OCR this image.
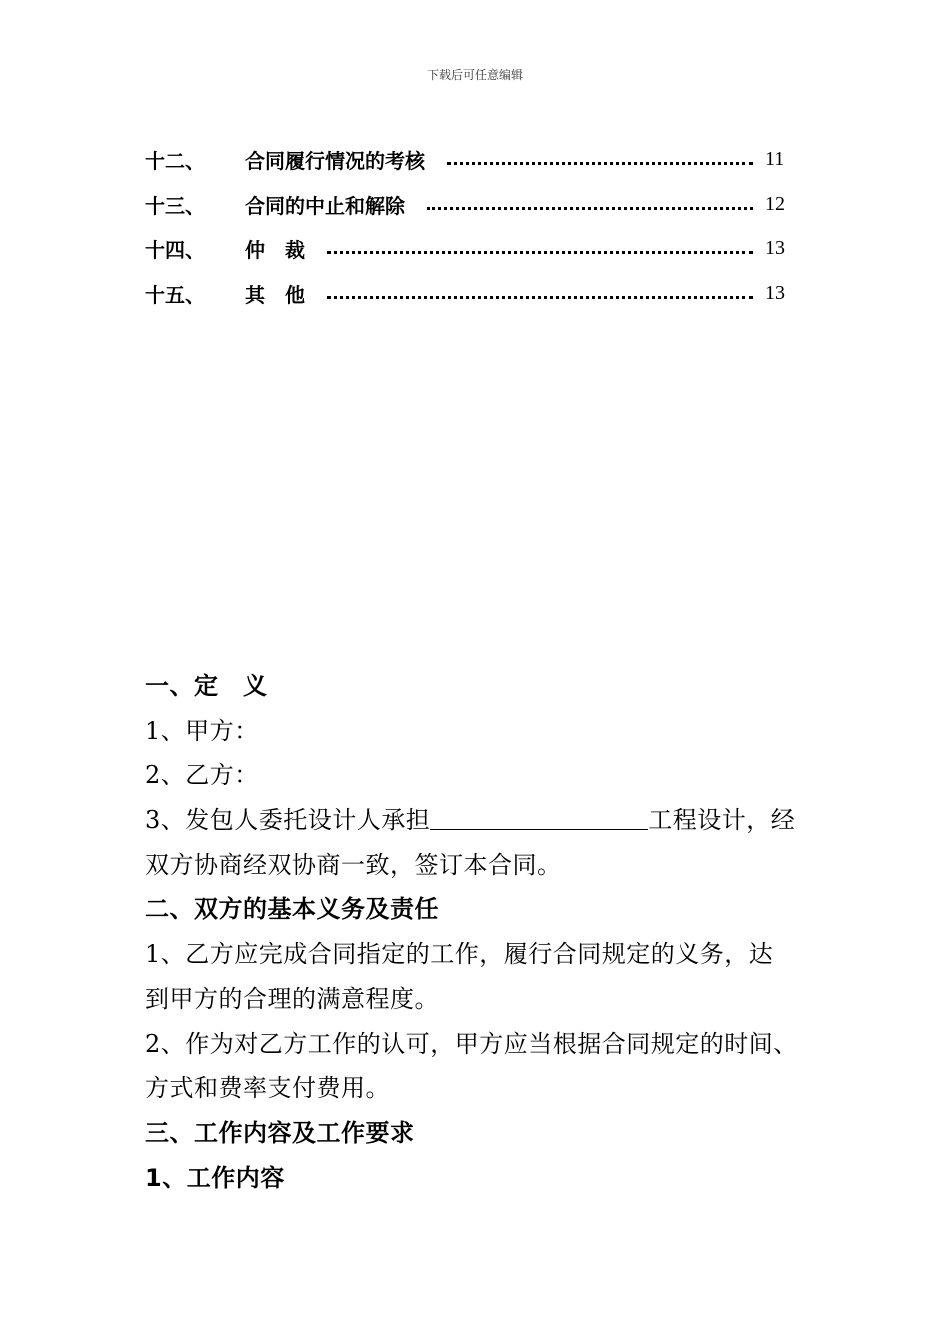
下载后可任意编辑
十二、	合同履行情况的考核	11
十三、	合同的中止和解除	12
十四、	仲　裁	13
十五、	其　他	13
一、定　义
1、甲方：
2、乙方：
3、发包人委托设计人承担	工程设计，经
双方协商经双协商一致，签订本合同。
二、双方的基本义务及责任
1、乙方应完成合同指定的工作，履行合同规定的义务，达
到甲方的合理的满意程度。
2、作为对乙方工作的认可，甲方应当根据合同规定的时间、
方式和费率支付费用。
三、工作内容及工作要求
1、工作内容
